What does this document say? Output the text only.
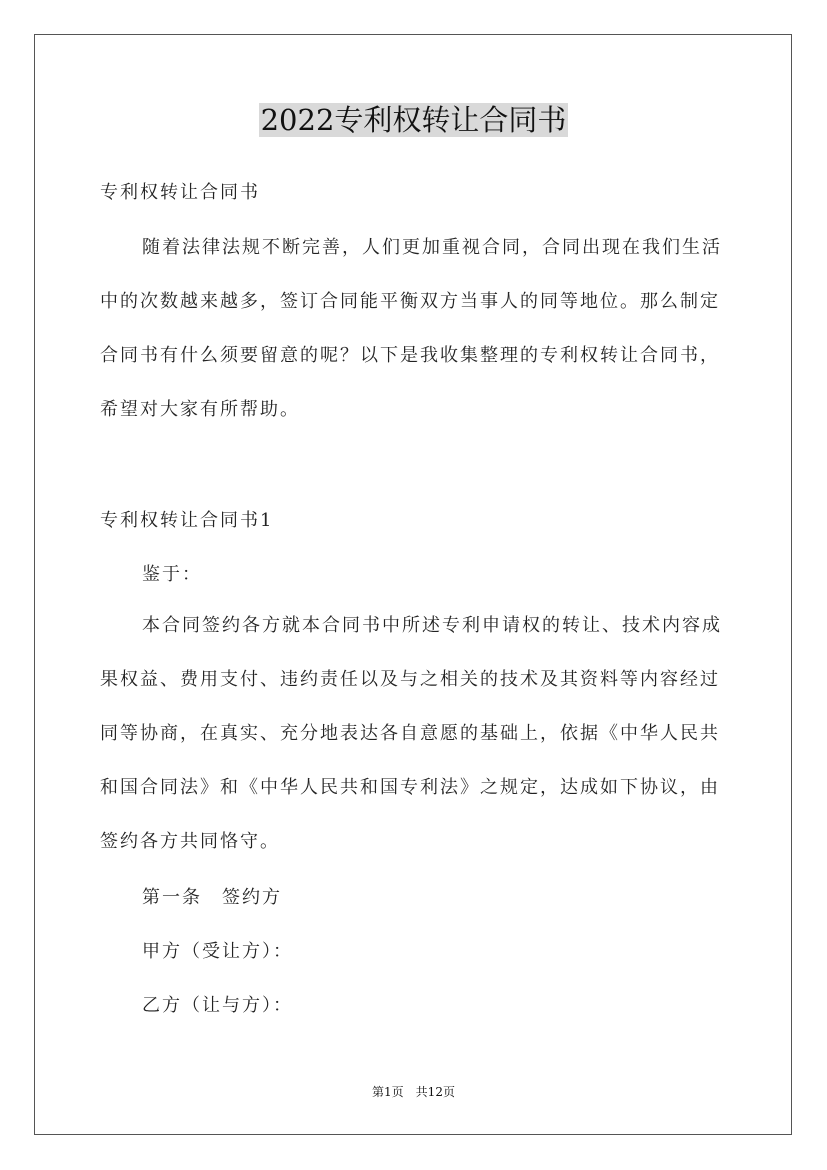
2022专利权转让合同书
专利权转让合同书

随着法律法规不断完善，人们更加重视合同，合同出现在我们生活中的次数越来越多，签订合同能平衡双方当事人的同等地位。那么制定合同书有什么须要留意的呢？以下是我收集整理的专利权转让合同书，希望对大家有所帮助。

专利权转让合同书1
鉴于：

本合同签约各方就本合同书中所述专利申请权的转让、技术内容成果权益、费用支付、违约责任以及与之相关的技术及其资料等内容经过同等协商，在真实、充分地表达各自意愿的基础上，依据《中华人民共和国合同法》和《中华人民共和国专利法》之规定，达成如下协议，由签约各方共同恪守。

第一条　签约方
甲方（受让方）：
乙方（让与方）：
第1页　共12页
